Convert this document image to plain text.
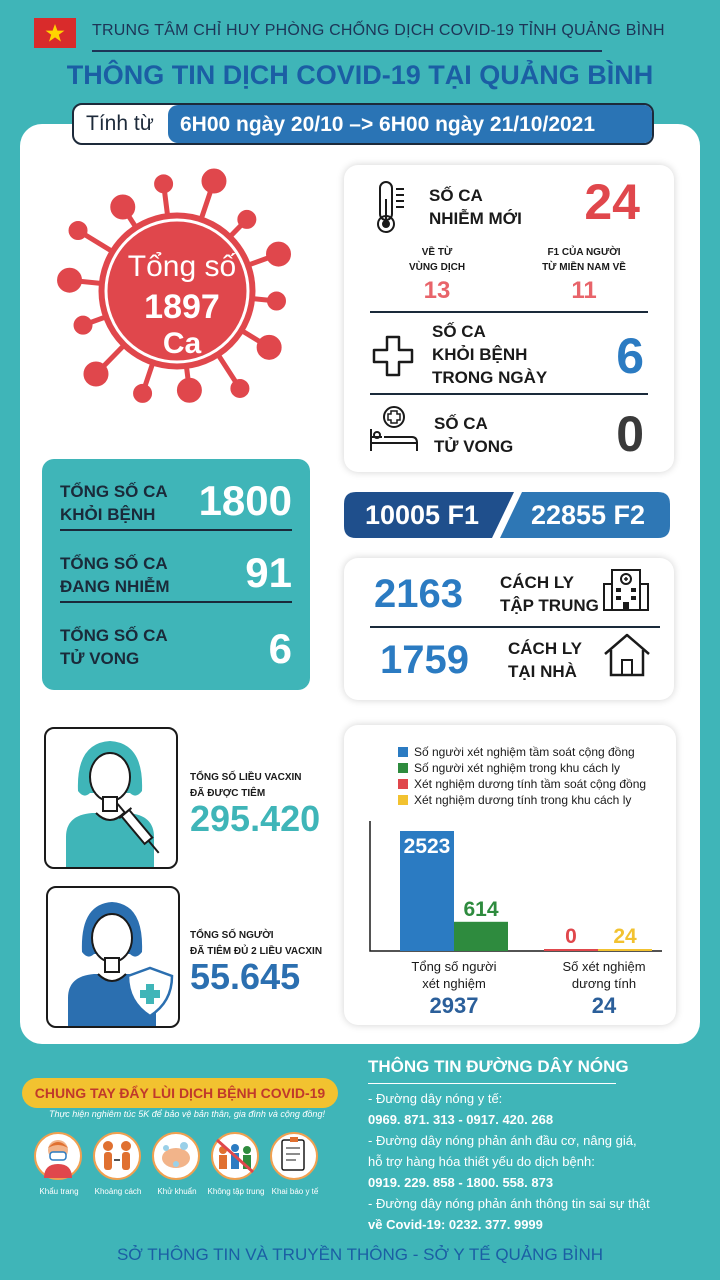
TRUNG TÂM CHỈ HUY PHÒNG CHỐNG DỊCH COVID-19 TỈNH QUẢNG BÌNH
THÔNG TIN DỊCH COVID-19 TẠI QUẢNG BÌNH
Tính từ	6H00 ngày 20/10 –> 6H00 ngày 21/10/2021
Tổng số
1897
Ca
TỔNG SỐ CA
KHỎI BỆNH 1800
TỔNG SỐ CA
ĐANG NHIỄM 91
TỔNG SỐ CA
TỬ VONG	6
SỐ CA
NHIỄM MỚI 24
VỀ TỪ
VÙNG DỊCH
13
F1 CỦA NGƯỜI
TỪ MIỀN NAM VỀ
11
SỐ CA
KHỎI BỆNH
TRONG NGÀY 6
SỐ CA
TỬ VONG 0
10005 F1 22855 F2
2163 CÁCH LY
TẬP TRUNG
1759 CÁCH LY
TẠI NHÀ
TỔNG SỐ LIỀU VACXIN
ĐÃ ĐƯỢC TIÊM
295.420
TỔNG SỐ NGƯỜI
ĐÃ TIÊM ĐỦ 2 LIỀU VACXIN
55.645
Số người xét nghiệm tầm soát cộng đồng
Số người xét nghiệm trong khu cách ly
Xét nghiệm dương tính tầm soát cộng đồng
Xét nghiệm dương tính trong khu cách ly
2523
614
0 24
Tổng số người
xét nghiệm
2937
Số xét nghiệm
dương tính
24
CHUNG TAY ĐẨY LÙI DỊCH BỆNH COVID-19
Thực hiện nghiêm túc 5K để bảo vệ bản thân, gia đình và cộng đồng!
Khẩu trang	Khoảng cách	Khử khuẩn	Không tập trung Khai báo y tế
THÔNG TIN ĐƯỜNG DÂY NÓNG
- Đường dây nóng y tế:
0969. 871. 313 - 0917. 420. 268
- Đường dây nóng phản ánh đầu cơ, nâng giá,
hỗ trợ hàng hóa thiết yếu do dịch bệnh:
0919. 229. 858 - 1800. 558. 873
- Đường dây nóng phản ánh thông tin sai sự thật
về Covid-19: 0232. 377. 9999
SỞ THÔNG TIN VÀ TRUYỀN THÔNG - SỞ Y TẾ QUẢNG BÌNH
